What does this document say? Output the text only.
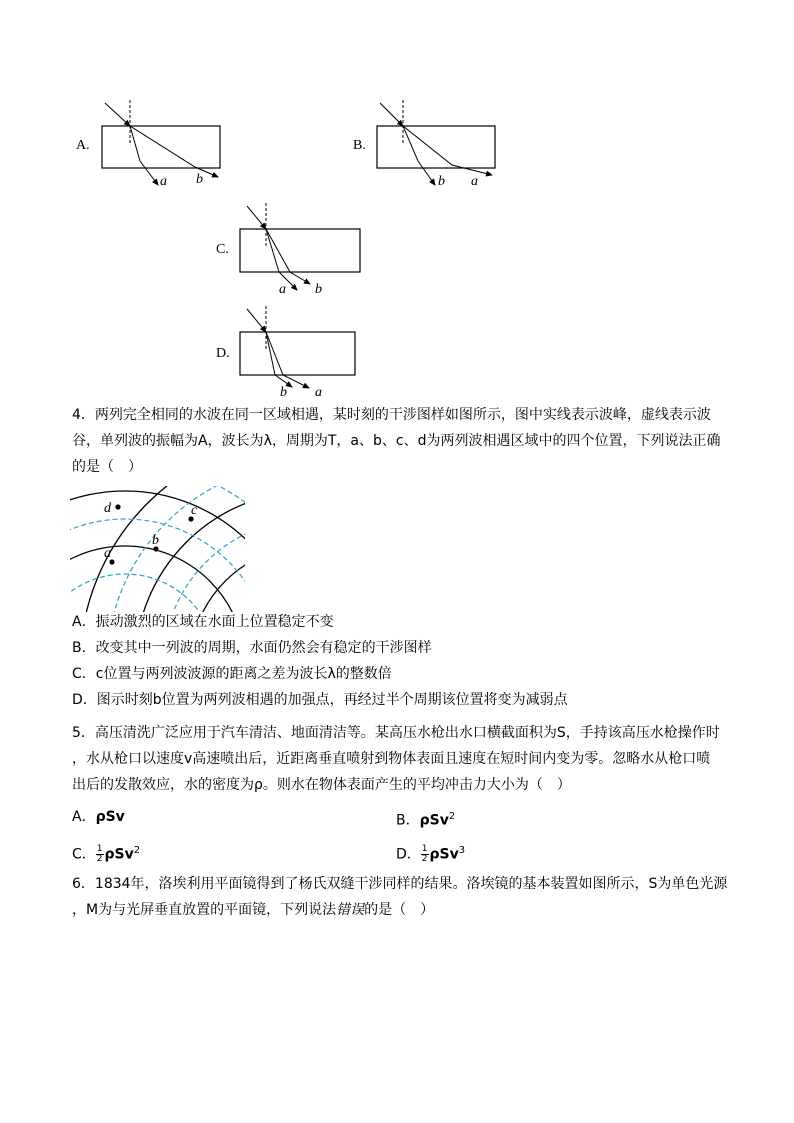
A.
a b
B.
b a
C.
a b
D.
b a
4．两列完全相同的水波在同一区域相遇，某时刻的干涉图样如图所示，图中实线表示波峰，虚线表示波
谷，单列波的振幅为A，波长为λ，周期为T，a、b、c、d为两列波相遇区域中的四个位置，下列说法正确
的是（　）
d	c
a
b
A．振动激烈的区域在水面上位置稳定不变
B．改变其中一列波的周期，水面仍然会有稳定的干涉图样
C．c位置与两列波波源的距离之差为波长λ的整数倍
D．图示时刻b位置为两列波相遇的加强点，再经过半个周期该位置将变为减弱点
5．高压清洗广泛应用于汽车清洁、地面清洁等。某高压水枪出水口横截面积为S，手持该高压水枪操作时
，水从枪口以速度v高速喷出后，近距离垂直喷射到物体表面且速度在短时间内变为零。忽略水从枪口喷
出后的发散效应，水的密度为ρ。则水在物体表面产生的平均冲击力大小为（　）
A．ρSv	B．ρSv$^2$
C． $\frac{1}{2} \rho Sv^2$	D． $\frac{1}{2} \rho Sv^3$
6．1834年，洛埃利用平面镜得到了杨氏双缝干涉同样的结果。洛埃镜的基本装置如图所示，S为单色光源
，M为与光屏垂直放置的平面镜，下列说法错误的是（　）
